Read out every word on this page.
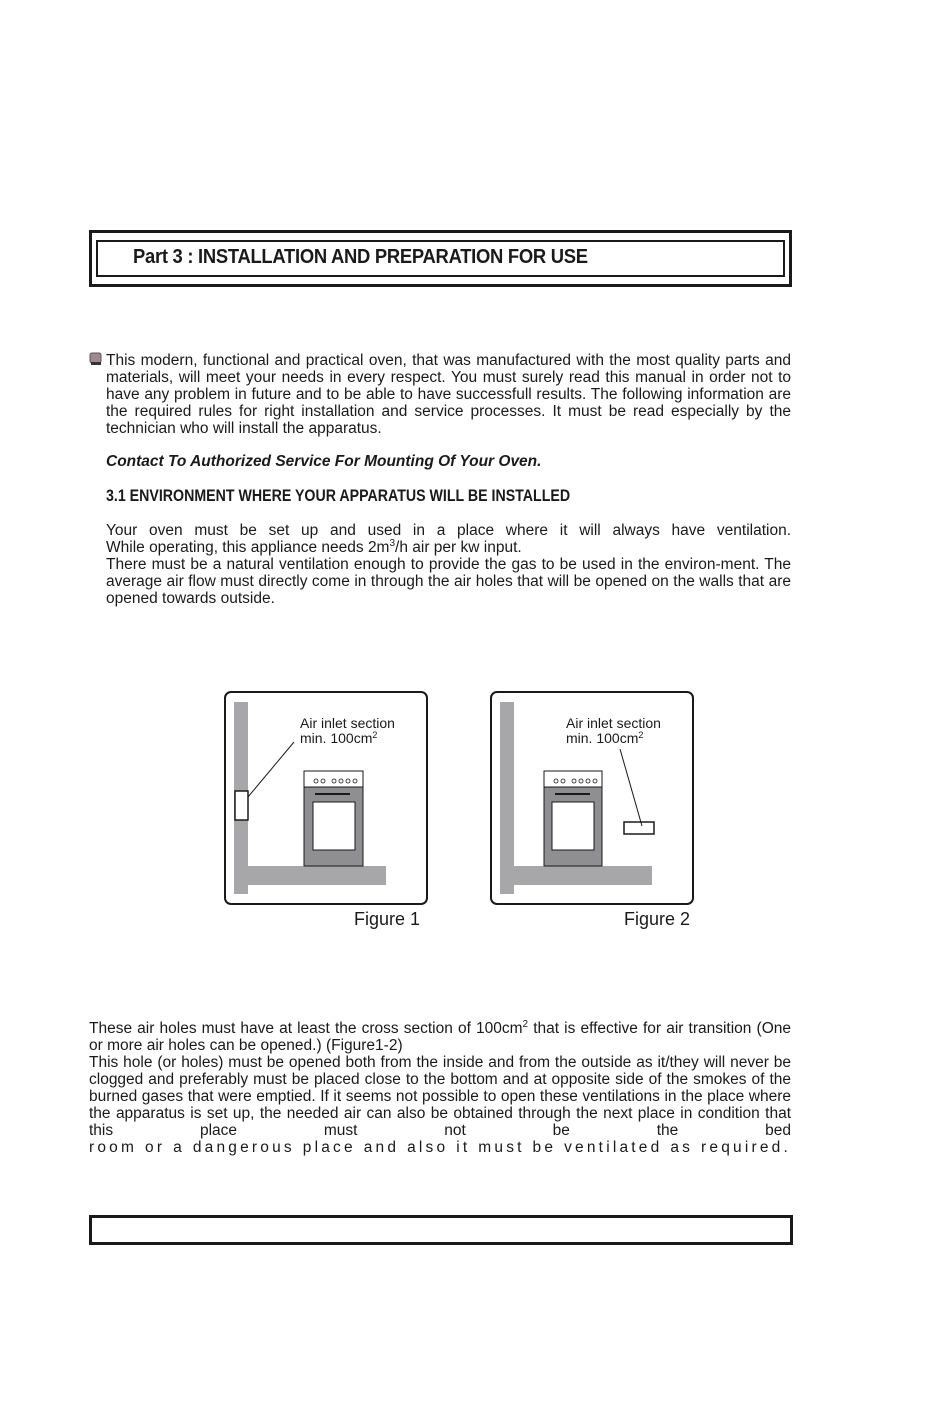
Part 3 : INSTALLATION AND PREPARATION FOR USE

This modern, functional and practical oven, that was manufactured with the most quality parts and materials, will meet your needs in every respect. You must surely read this manual in order not to have any problem in future and to be able to have successfull results. The following information are the required rules for right installation and service processes. It must be read especially by the technician who will install the apparatus.

Contact To Authorized Service For Mounting Of Your Oven.

3.1 ENVIRONMENT WHERE YOUR APPARATUS WILL BE INSTALLED
Your oven must be set up and used in a place where it will always have ventilation.
While operating, this appliance needs $2m^3/h$ air per kw input.
There must be a natural ventilation enough to provide the gas to be used in the environ-ment. The average air flow must directly come in through the air holes that will be opened on the walls that are opened towards outside.
Air inlet section
min. $100cm^2$
Air inlet section
min. $100cm^2$

Figure 1	Figure 2

These air holes must have at least the cross section of $100cm^2$ that is effective for air transition (One or more air holes can be opened.) (Figure1-2)
This hole (or holes) must be opened both from the inside and from the outside as it/they will never be clogged and preferably must be placed close to the bottom and at opposite side of the smokes of the burned gases that were emptied. If it seems not possible to open these ventilations in the place where the apparatus is set up, the needed air can also be obtained through the next place in condition that this place must not be the bed
room or a dangerous place and also it must be ventilated as required.
